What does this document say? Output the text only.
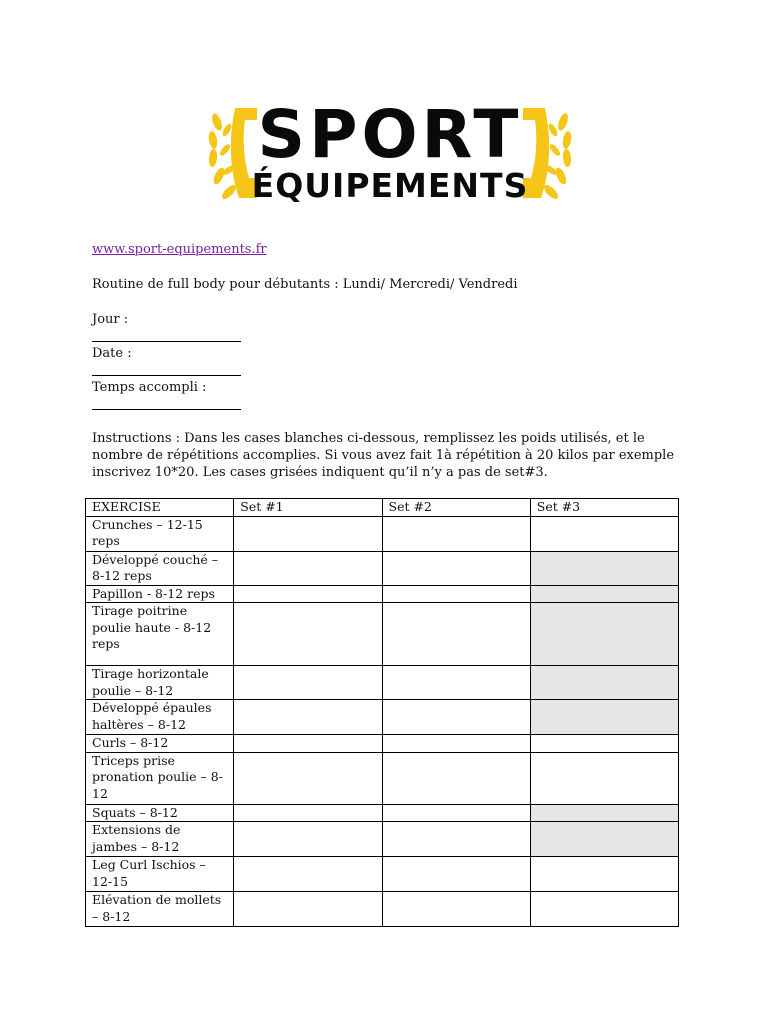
SPORT
ÉQUIPEMENTS
www.sport-equipements.fr
Routine de full body pour débutants : Lundi/ Mercredi/ Vendredi
Jour :
Date :
Temps accompli :
Instructions : Dans les cases blanches ci-dessous, remplissez les poids utilisés, et le
nombre de répétitions accomplies. Si vous avez fait 1à répétition à 20 kilos par exemple
inscrivez 10*20. Les cases grisées indiquent qu’il n’y a pas de set#3.
EXERCISE	Set #1	Set #2	Set #3
Crunches – 12-15 reps			
Développé couché – 8-12 reps			
Papillon - 8-12 reps			
Tirage poitrine poulie haute - 8-12 reps			
Tirage horizontale poulie – 8-12			
Développé épaules haltères – 8-12			
Curls – 8-12			
Triceps prise pronation poulie – 8-12			
Squats – 8-12			
Extensions de jambes – 8-12			
Leg Curl Ischios – 12-15			
Elévation de mollets – 8-12			
